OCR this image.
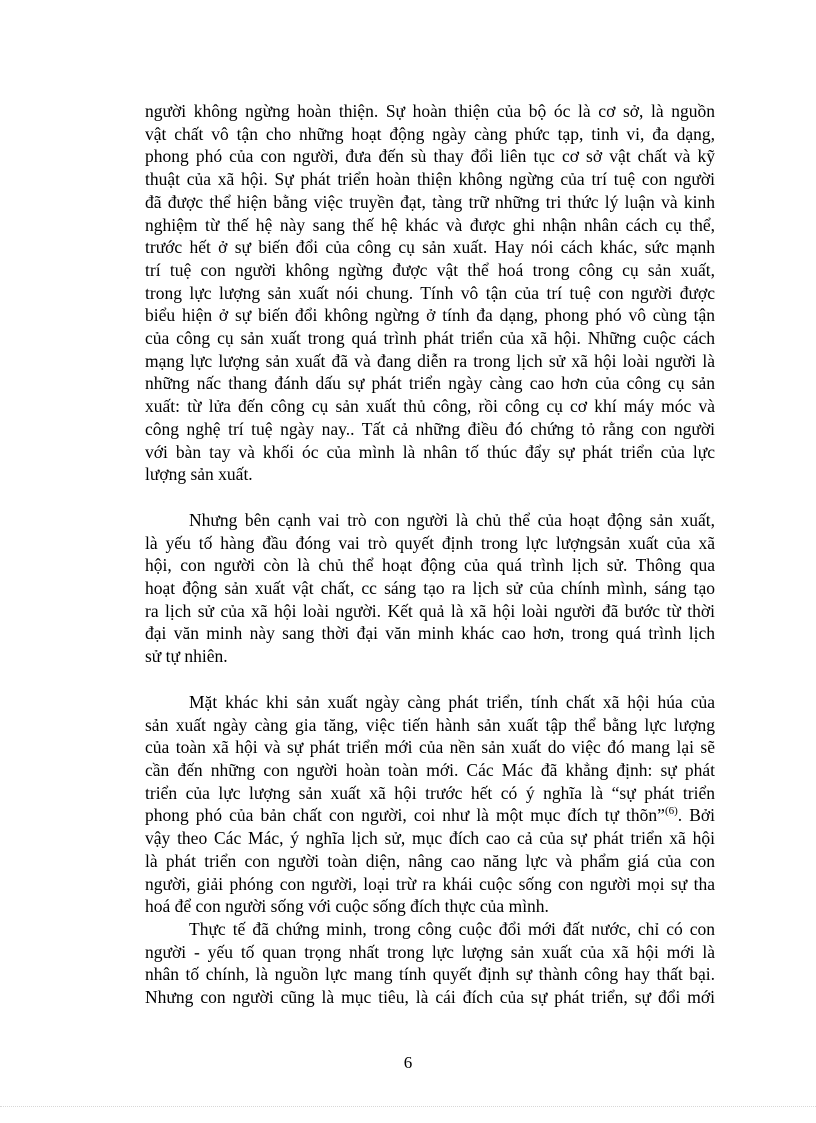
người không ngừng hoàn thiện. Sự hoàn thiện của bộ óc là cơ sở, là nguồn
vật chất vô tận cho những hoạt động ngày càng phức tạp, tinh vi, đa dạng,
phong phó của con người, đưa đến sù thay đổi liên tục cơ sở vật chất và kỹ
thuật của xã hội. Sự phát triển hoàn thiện không ngừng của trí tuệ con người
đã được thể hiện bằng việc truyền đạt, tàng trữ những tri thức lý luận và kinh
nghiệm từ thế hệ này sang thế hệ khác và được ghi nhận nhân cách cụ thể,
trước hết ở sự biến đổi của công cụ sản xuất. Hay nói cách khác, sức mạnh
trí tuệ con người không ngừng được vật thể hoá trong công cụ sản xuất,
trong lực lượng sản xuất nói chung. Tính vô tận của trí tuệ con người được
biểu hiện ở sự biến đổi không ngừng ở tính đa dạng, phong phó vô cùng tận
của công cụ sản xuất trong quá trình phát triển của xã hội. Những cuộc cách
mạng lực lượng sản xuất đã và đang diễn ra trong lịch sử xã hội loài người là
những nấc thang đánh dấu sự phát triển ngày càng cao hơn của công cụ sản
xuất: từ lửa đến công cụ sản xuất thủ công, rồi công cụ cơ khí máy móc và
công nghệ trí tuệ ngày nay.. Tất cả những điều đó chứng tỏ rằng con người
với bàn tay và khối óc của mình là nhân tố thúc đẩy sự phát triển của lực
lượng sản xuất.

Nhưng bên cạnh vai trò con người là chủ thể của hoạt động sản xuất,
là yếu tố hàng đầu đóng vai trò quyết định trong lực lượngsản xuất của xã
hội, con người còn là chủ thể hoạt động của quá trình lịch sử. Thông qua
hoạt động sản xuất vật chất, cc sáng tạo ra lịch sử của chính mình, sáng tạo
ra lịch sử của xã hội loài người. Kết quả là xã hội loài người đã bước từ thời
đại văn minh này sang thời đại văn minh khác cao hơn, trong quá trình lịch
sử tự nhiên.

Mặt khác khi sản xuất ngày càng phát triển, tính chất xã hội húa của
sản xuất ngày càng gia tăng, việc tiến hành sản xuất tập thể bằng lực lượng
của toàn xã hội và sự phát triển mới của nền sản xuất do việc đó mang lại sẽ
cần đến những con người hoàn toàn mới. Các Mác đã khẳng định: sự phát
triển của lực lượng sản xuất xã hội trước hết có ý nghĩa là “sự phát triển
phong phó của bản chất con người, coi như là một mục đích tự thõn”$^{(6)}$. Bởi
vậy theo Các Mác, ý nghĩa lịch sử, mục đích cao cả của sự phát triển xã hội
là phát triển con người toàn diện, nâng cao năng lực và phẩm giá của con
người, giải phóng con người, loại trừ ra khái cuộc sống con người mọi sự tha
hoá để con người sống với cuộc sống đích thực của mình.

Thực tế đã chứng minh, trong công cuộc đổi mới đất nước, chỉ có con
người - yếu tố quan trọng nhất trong lực lượng sản xuất của xã hội mới là
nhân tố chính, là nguồn lực mang tính quyết định sự thành công hay thất bại.
Nhưng con người cũng là mục tiêu, là cái đích của sự phát triển, sự đổi mới

6
